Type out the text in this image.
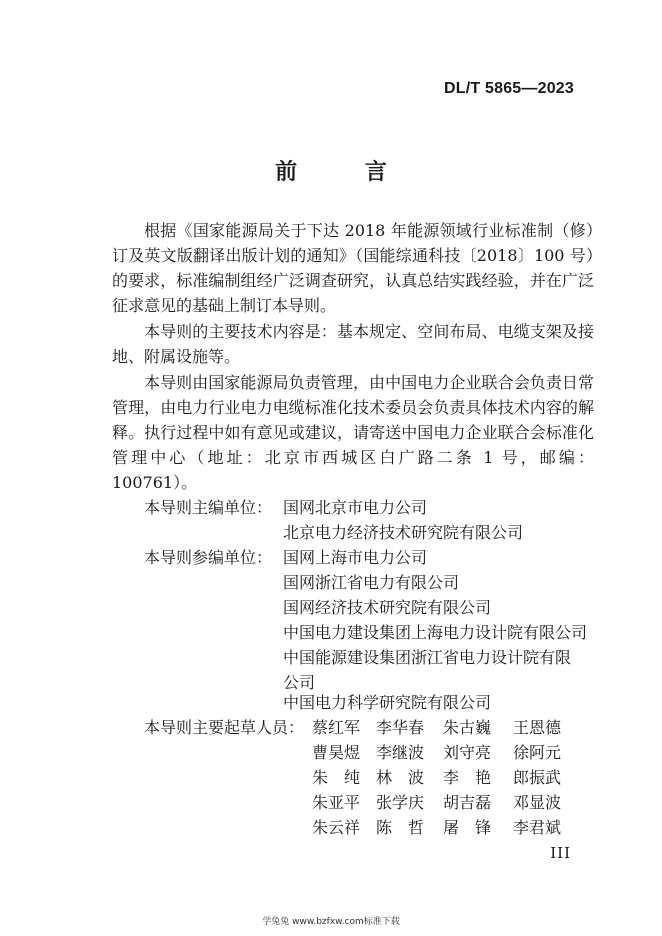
DL/T 5865—2023
前 言

根据《国家能源局关于下达 2018 年能源领域行业标准制（修）订及英文版翻译出版计划的通知》（国能综通科技〔2018〕100 号）的要求，标准编制组经广泛调查研究，认真总结实践经验，并在广泛征求意见的基础上制订本导则。

本导则的主要技术内容是：基本规定、空间布局、电缆支架及接地、附属设施等。

本导则由国家能源局负责管理，由中国电力企业联合会负责日常管理，由电力行业电力电缆标准化技术委员会负责具体技术内容的解释。执行过程中如有意见或建议，请寄送中国电力企业联合会标准化管理中心（地址：北京市西城区白广路二条 1 号，邮编：100761）。

本导则主编单位： 国网北京市电力公司
北京电力经济技术研究院有限公司
本导则参编单位： 国网上海市电力公司
国网浙江省电力有限公司
国网经济技术研究院有限公司
中国电力建设集团上海电力设计院有限公司
中国能源建设集团浙江省电力设计院有限公司
中国电力科学研究院有限公司
本导则主要起草人员： 蔡红军 李华春 朱古巍 王恩德
曹昊煜 李继波 刘守亮 徐阿元
朱　纯 林　波 李　艳 郎振武
朱亚平 张学庆 胡吉磊 邓显波
朱云祥 陈　哲 屠　锋 李君斌
III
学兔兔 www.bzfxw.com标准下载
